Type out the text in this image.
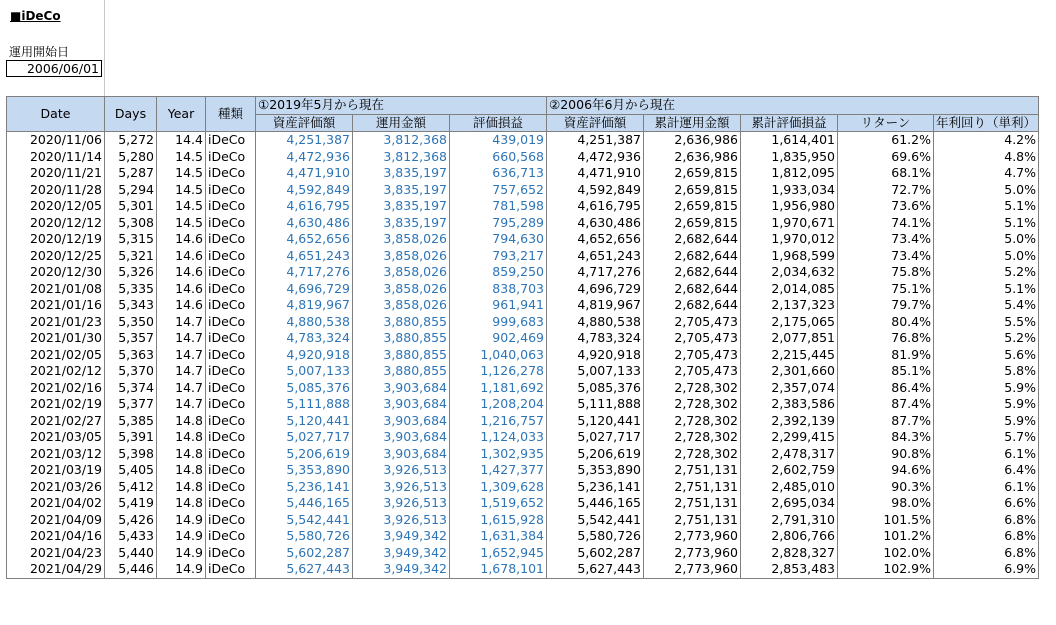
■iDeCo
運用開始日
2006/06/01
Date	Days	Year	種類	①2019年5月から現在			②2006年6月から現在				
				資産評価額	運用金額	評価損益	資産評価額	累計運用金額	累計評価損益	リターン	年利回り（単利）
2020/11/06	5,272	14.4	iDeCo	4,251,387	3,812,368	439,019	4,251,387	2,636,986	1,614,401	61.2%	4.2%
2020/11/14	5,280	14.5	iDeCo	4,472,936	3,812,368	660,568	4,472,936	2,636,986	1,835,950	69.6%	4.8%
2020/11/21	5,287	14.5	iDeCo	4,471,910	3,835,197	636,713	4,471,910	2,659,815	1,812,095	68.1%	4.7%
2020/11/28	5,294	14.5	iDeCo	4,592,849	3,835,197	757,652	4,592,849	2,659,815	1,933,034	72.7%	5.0%
2020/12/05	5,301	14.5	iDeCo	4,616,795	3,835,197	781,598	4,616,795	2,659,815	1,956,980	73.6%	5.1%
2020/12/12	5,308	14.5	iDeCo	4,630,486	3,835,197	795,289	4,630,486	2,659,815	1,970,671	74.1%	5.1%
2020/12/19	5,315	14.6	iDeCo	4,652,656	3,858,026	794,630	4,652,656	2,682,644	1,970,012	73.4%	5.0%
2020/12/25	5,321	14.6	iDeCo	4,651,243	3,858,026	793,217	4,651,243	2,682,644	1,968,599	73.4%	5.0%
2020/12/30	5,326	14.6	iDeCo	4,717,276	3,858,026	859,250	4,717,276	2,682,644	2,034,632	75.8%	5.2%
2021/01/08	5,335	14.6	iDeCo	4,696,729	3,858,026	838,703	4,696,729	2,682,644	2,014,085	75.1%	5.1%
2021/01/16	5,343	14.6	iDeCo	4,819,967	3,858,026	961,941	4,819,967	2,682,644	2,137,323	79.7%	5.4%
2021/01/23	5,350	14.7	iDeCo	4,880,538	3,880,855	999,683	4,880,538	2,705,473	2,175,065	80.4%	5.5%
2021/01/30	5,357	14.7	iDeCo	4,783,324	3,880,855	902,469	4,783,324	2,705,473	2,077,851	76.8%	5.2%
2021/02/05	5,363	14.7	iDeCo	4,920,918	3,880,855	1,040,063	4,920,918	2,705,473	2,215,445	81.9%	5.6%
2021/02/12	5,370	14.7	iDeCo	5,007,133	3,880,855	1,126,278	5,007,133	2,705,473	2,301,660	85.1%	5.8%
2021/02/16	5,374	14.7	iDeCo	5,085,376	3,903,684	1,181,692	5,085,376	2,728,302	2,357,074	86.4%	5.9%
2021/02/19	5,377	14.7	iDeCo	5,111,888	3,903,684	1,208,204	5,111,888	2,728,302	2,383,586	87.4%	5.9%
2021/02/27	5,385	14.8	iDeCo	5,120,441	3,903,684	1,216,757	5,120,441	2,728,302	2,392,139	87.7%	5.9%
2021/03/05	5,391	14.8	iDeCo	5,027,717	3,903,684	1,124,033	5,027,717	2,728,302	2,299,415	84.3%	5.7%
2021/03/12	5,398	14.8	iDeCo	5,206,619	3,903,684	1,302,935	5,206,619	2,728,302	2,478,317	90.8%	6.1%
2021/03/19	5,405	14.8	iDeCo	5,353,890	3,926,513	1,427,377	5,353,890	2,751,131	2,602,759	94.6%	6.4%
2021/03/26	5,412	14.8	iDeCo	5,236,141	3,926,513	1,309,628	5,236,141	2,751,131	2,485,010	90.3%	6.1%
2021/04/02	5,419	14.8	iDeCo	5,446,165	3,926,513	1,519,652	5,446,165	2,751,131	2,695,034	98.0%	6.6%
2021/04/09	5,426	14.9	iDeCo	5,542,441	3,926,513	1,615,928	5,542,441	2,751,131	2,791,310	101.5%	6.8%
2021/04/16	5,433	14.9	iDeCo	5,580,726	3,949,342	1,631,384	5,580,726	2,773,960	2,806,766	101.2%	6.8%
2021/04/23	5,440	14.9	iDeCo	5,602,287	3,949,342	1,652,945	5,602,287	2,773,960	2,828,327	102.0%	6.8%
2021/04/29	5,446	14.9	iDeCo	5,627,443	3,949,342	1,678,101	5,627,443	2,773,960	2,853,483	102.9%	6.9%
